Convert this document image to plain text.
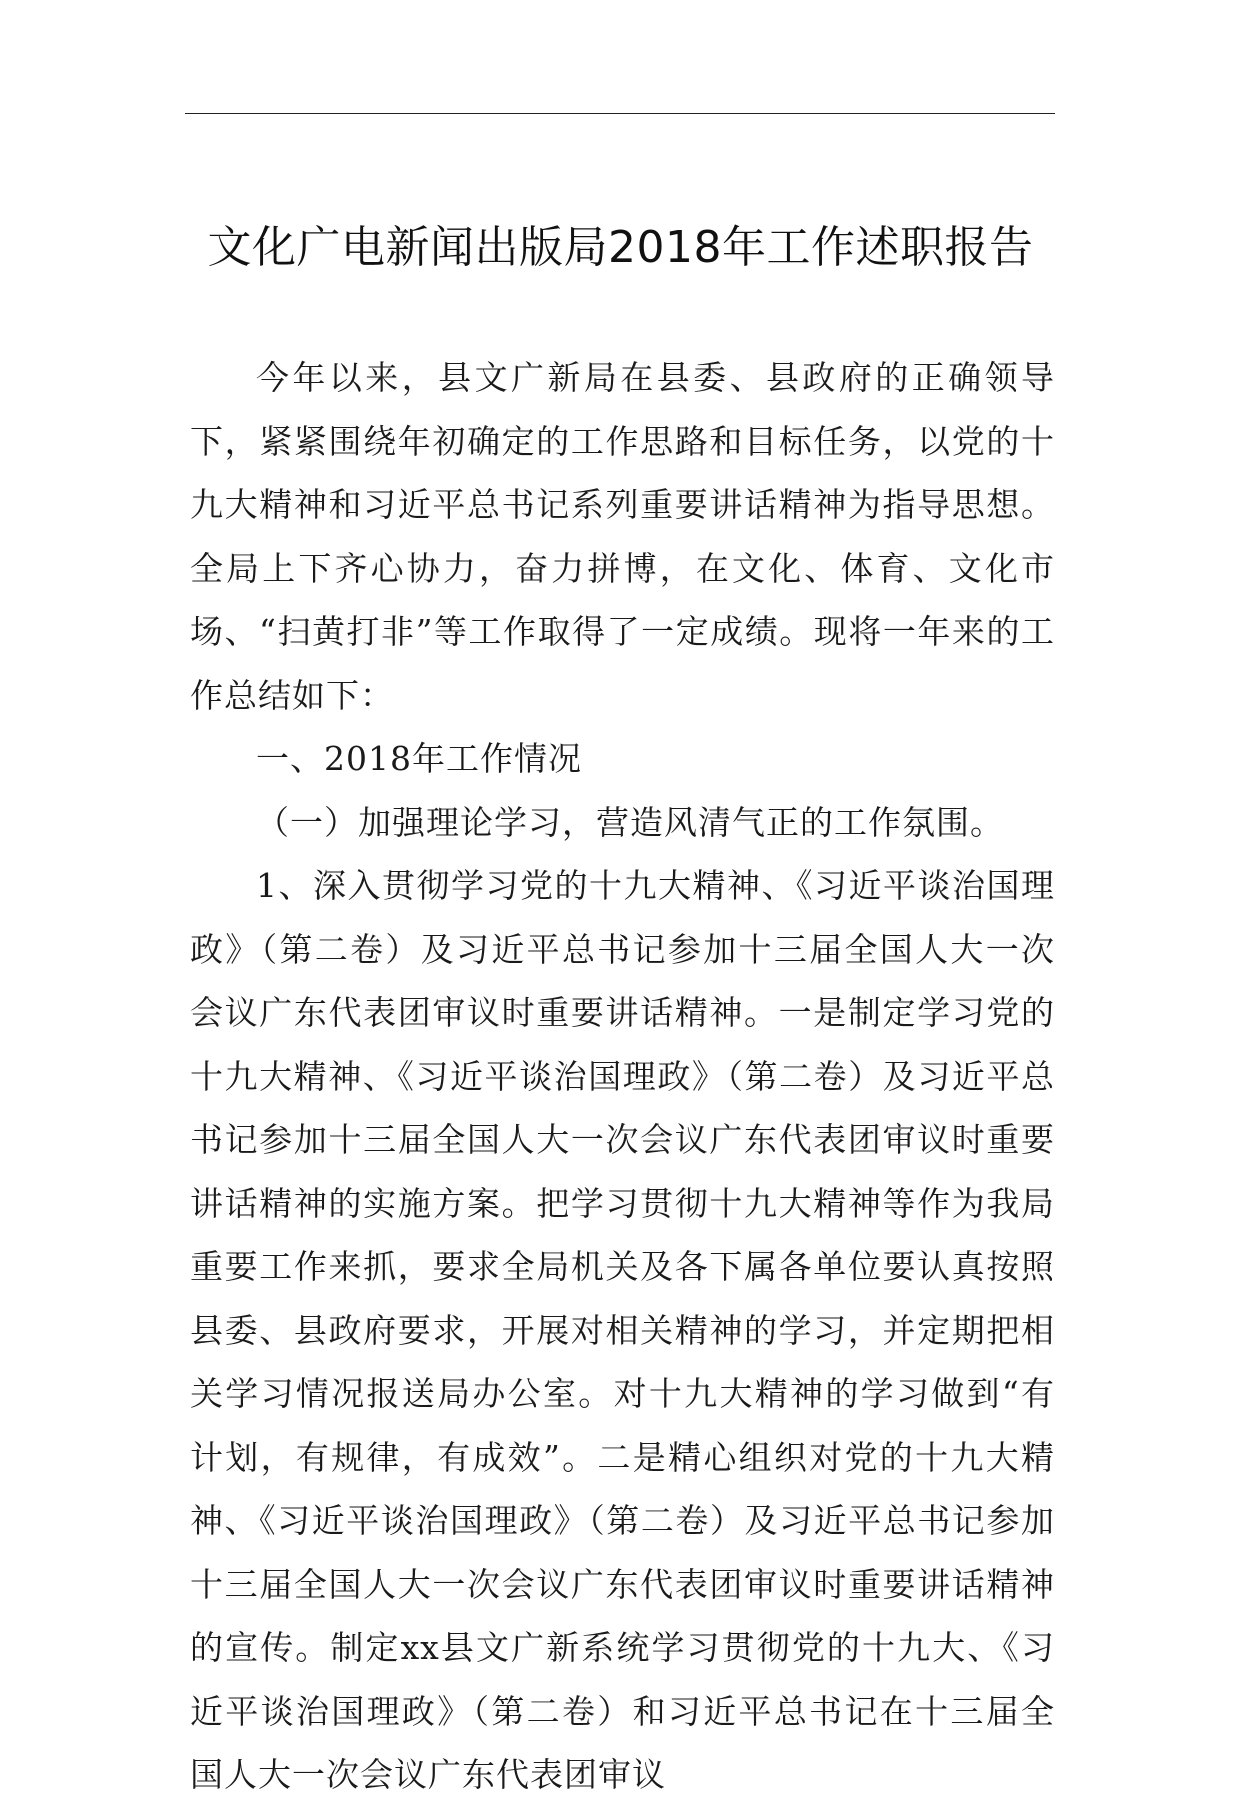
文化广电新闻出版局2018年工作述职报告

今年以来，县文广新局在县委、县政府的正确领导下，紧紧围绕年初确定的工作思路和目标任务，以党的十九大精神和习近平总书记系列重要讲话精神为指导思想。全局上下齐心协力，奋力拼博，在文化、体育、文化市场、“扫黄打非”等工作取得了一定成绩。现将一年来的工作总结如下：

一、2018年工作情况

（一）加强理论学习，营造风清气正的工作氛围。

1、深入贯彻学习党的十九大精神、《习近平谈治国理政》（第二卷）及习近平总书记参加十三届全国人大一次会议广东代表团审议时重要讲话精神。一是制定学习党的十九大精神、《习近平谈治国理政》（第二卷）及习近平总书记参加十三届全国人大一次会议广东代表团审议时重要讲话精神的实施方案。把学习贯彻十九大精神等作为我局重要工作来抓，要求全局机关及各下属各单位要认真按照县委、县政府要求，开展对相关精神的学习，并定期把相关学习情况报送局办公室。对十九大精神的学习做到“有计划，有规律，有成效”。二是精心组织对党的十九大精神、《习近平谈治国理政》（第二卷）及习近平总书记参加十三届全国人大一次会议广东代表团审议时重要讲话精神的宣传。制定xx县文广新系统学习贯彻党的十九大、《习近平谈治国理政》（第二卷）和习近平总书记在十三届全国人大一次会议广东代表团审议
